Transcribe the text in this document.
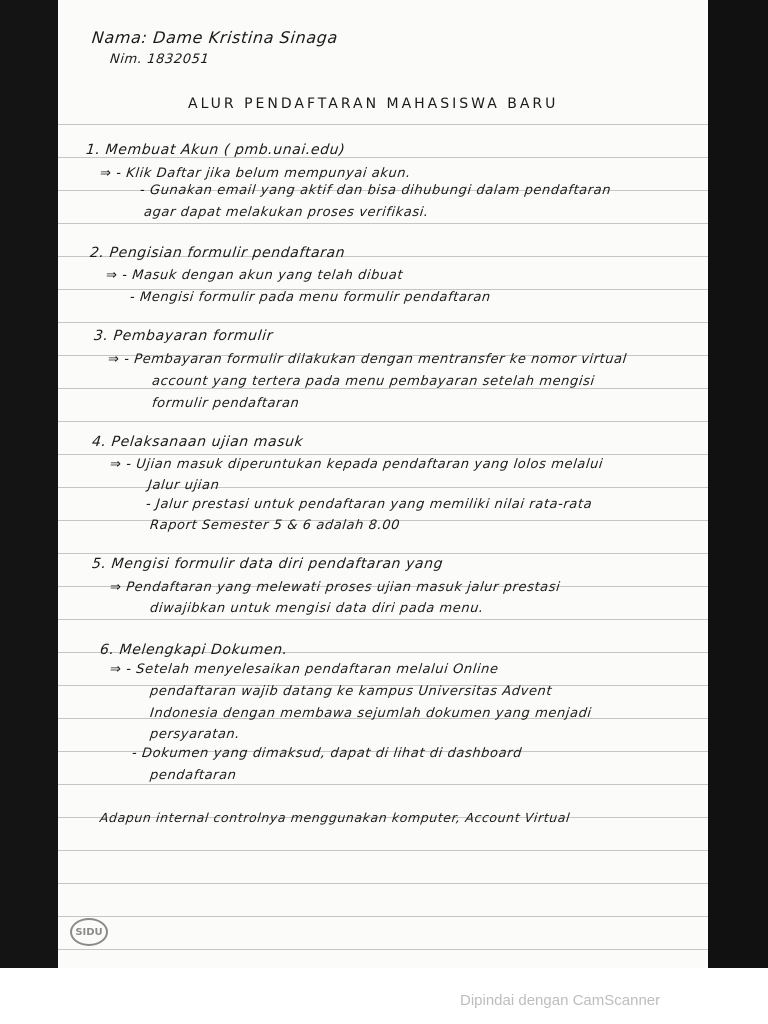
Nama: Dame Kristina Sinaga
Nim. 1832051
ALUR PENDAFTARAN MAHASISWA BARU
1. Membuat Akun ( pmb.unai.edu)
⇒ - Klik Daftar jika belum mempunyai akun.
- Gunakan email yang aktif dan bisa dihubungi dalam pendaftaran
agar dapat melakukan proses verifikasi.
2. Pengisian formulir pendaftaran
⇒ - Masuk dengan akun yang telah dibuat
- Mengisi formulir pada menu formulir pendaftaran
3. Pembayaran formulir
⇒ - Pembayaran formulir dilakukan dengan mentransfer ke nomor virtual
account yang tertera pada menu pembayaran setelah mengisi
formulir pendaftaran
4. Pelaksanaan ujian masuk
⇒ - Ujian masuk diperuntukan kepada pendaftaran yang lolos melalui
Jalur ujian
- Jalur prestasi untuk pendaftaran yang memiliki nilai rata-rata
Raport Semester 5 & 6 adalah 8.00
5. Mengisi formulir data diri pendaftaran yang
⇒ Pendaftaran yang melewati proses ujian masuk jalur prestasi
diwajibkan untuk mengisi data diri pada menu.
6. Melengkapi Dokumen.
⇒ - Setelah menyelesaikan pendaftaran melalui Online
pendaftaran wajib datang ke kampus Universitas Advent
Indonesia dengan membawa sejumlah dokumen yang menjadi
persyaratan.
- Dokumen yang dimaksud, dapat di lihat di dashboard
pendaftaran
Adapun internal controlnya menggunakan komputer, Account Virtual
SIDU
Dipindai dengan CamScanner
